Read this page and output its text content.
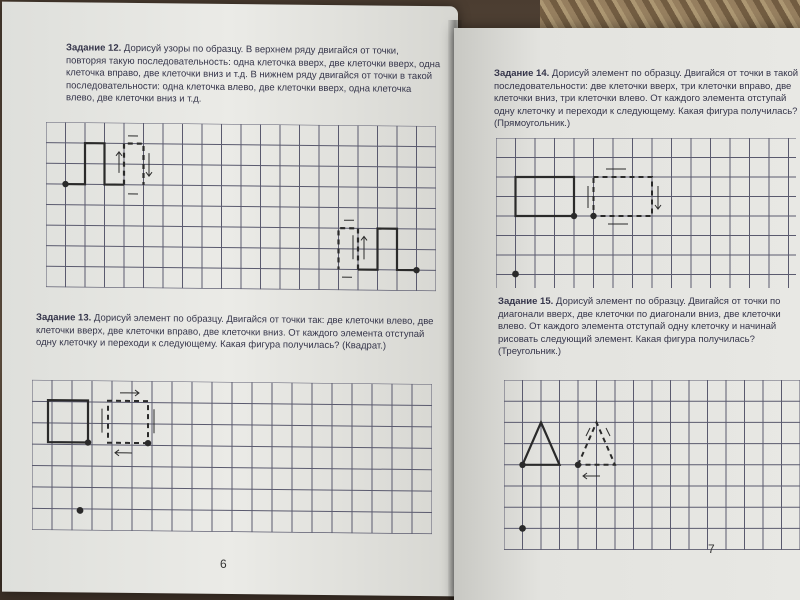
Задание 12. Дорисуй узоры по образцу. В верхнем ряду двигайся от точки, повторяя такую последовательность: одна клеточка вверх, две клеточки вверх, одна клеточка вправо, две клеточки вниз и т.д. В нижнем ряду двигайся от точки в такой последовательности: одна клеточка влево, две клеточки вверх, одна клеточка влево, две клеточки вниз и т.д.
Задание 13. Дорисуй элемент по образцу. Двигайся от точки так: две клеточки влево, две клеточки вверх, две клеточки вправо, две клеточки вниз. От каждого элемента отступай одну клеточку и переходи к следующему. Какая фигура получилась? (Квадрат.)
6
Задание 14. Дорисуй элемент по образцу. Двигайся от точки в такой последовательности: две клеточки вверх, три клеточки вправо, две клеточки вниз, три клеточки влево. От каждого элемента отступай одну клеточку и переходи к следующему. Какая фигура получилась? (Прямоугольник.)
Задание 15. Дорисуй элемент по образцу. Двигайся от точки по диагонали вверх, две клеточки по диагонали вниз, две клеточки влево. От каждого элемента отступай одну клеточку и начинай рисовать следующий элемент. Какая фигура получилась? (Треугольник.)
7
